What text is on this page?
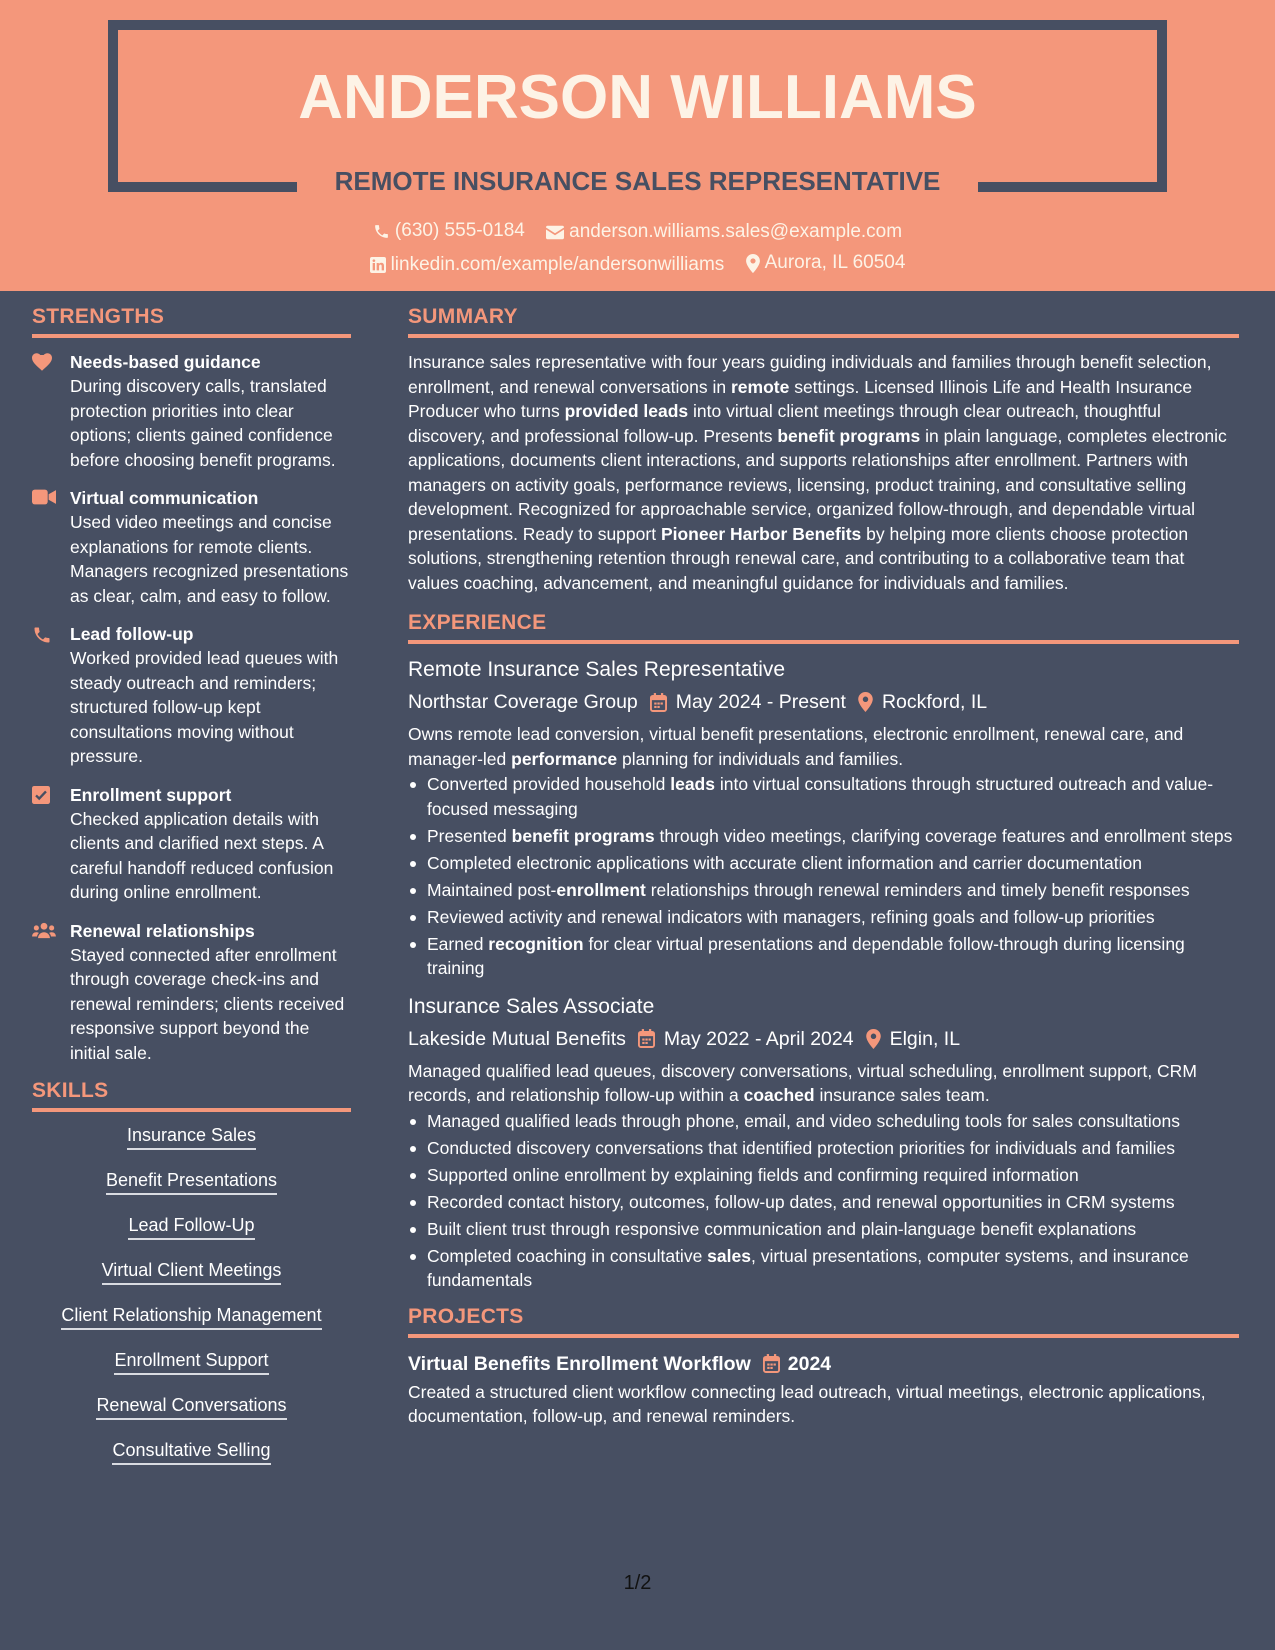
ANDERSON WILLIAMS
REMOTE INSURANCE SALES REPRESENTATIVE
(630) 555-0184
anderson.williams.sales@example.com
linkedin.com/example/andersonwilliams
Aurora, IL 60504
STRENGTHS
Needs-based guidance

During discovery calls, translated protection priorities into clear options; clients gained confidence before choosing benefit programs.

Virtual communication

Used video meetings and concise explanations for remote clients. Managers recognized presentations as clear, calm, and easy to follow.

Lead follow-up

Worked provided lead queues with steady outreach and reminders; structured follow-up kept consultations moving without pressure.

Enrollment support

Checked application details with clients and clarified next steps. A careful handoff reduced confusion during online enrollment.

Renewal relationships

Stayed connected after enrollment through coverage check-ins and renewal reminders; clients received responsive support beyond the initial sale.

SKILLS
Insurance Sales
Benefit Presentations
Lead Follow-Up
Virtual Client Meetings
Client Relationship Management
Enrollment Support
Renewal Conversations
Consultative Selling
SUMMARY

Insurance sales representative with four years guiding individuals and families through benefit selection, enrollment, and renewal conversations in remote settings. Licensed Illinois Life and Health Insurance Producer who turns provided leads into virtual client meetings through clear outreach, thoughtful discovery, and professional follow-up. Presents benefit programs in plain language, completes electronic applications, documents client interactions, and supports relationships after enrollment. Partners with managers on activity goals, performance reviews, licensing, product training, and consultative selling development. Recognized for approachable service, organized follow-through, and dependable virtual presentations. Ready to support Pioneer Harbor Benefits by helping more clients choose protection solutions, strengthening retention through renewal care, and contributing to a collaborative team that values coaching, advancement, and meaningful guidance for individuals and families.

EXPERIENCE
Remote Insurance Sales Representative
Northstar Coverage Group May 2024 - Present Rockford, IL

Owns remote lead conversion, virtual benefit presentations, electronic enrollment, renewal care, and manager-led performance planning for individuals and families.

Converted provided household leads into virtual consultations through structured outreach and value-focused messaging
Presented benefit programs through video meetings, clarifying coverage features and enrollment steps
Completed electronic applications with accurate client information and carrier documentation
Maintained post-enrollment relationships through renewal reminders and timely benefit responses
Reviewed activity and renewal indicators with managers, refining goals and follow-up priorities
Earned recognition for clear virtual presentations and dependable follow-through during licensing training
Insurance Sales Associate
Lakeside Mutual Benefits May 2022 - April 2024 Elgin, IL

Managed qualified lead queues, discovery conversations, virtual scheduling, enrollment support, CRM records, and relationship follow-up within a coached insurance sales team.

Managed qualified leads through phone, email, and video scheduling tools for sales consultations
Conducted discovery conversations that identified protection priorities for individuals and families
Supported online enrollment by explaining fields and confirming required information
Recorded contact history, outcomes, follow-up dates, and renewal opportunities in CRM systems
Built client trust through responsive communication and plain-language benefit explanations
Completed coaching in consultative sales, virtual presentations, computer systems, and insurance fundamentals
PROJECTS
Virtual Benefits Enrollment Workflow 2024

Created a structured client workflow connecting lead outreach, virtual meetings, electronic applications, documentation, follow-up, and renewal reminders.

1/2
